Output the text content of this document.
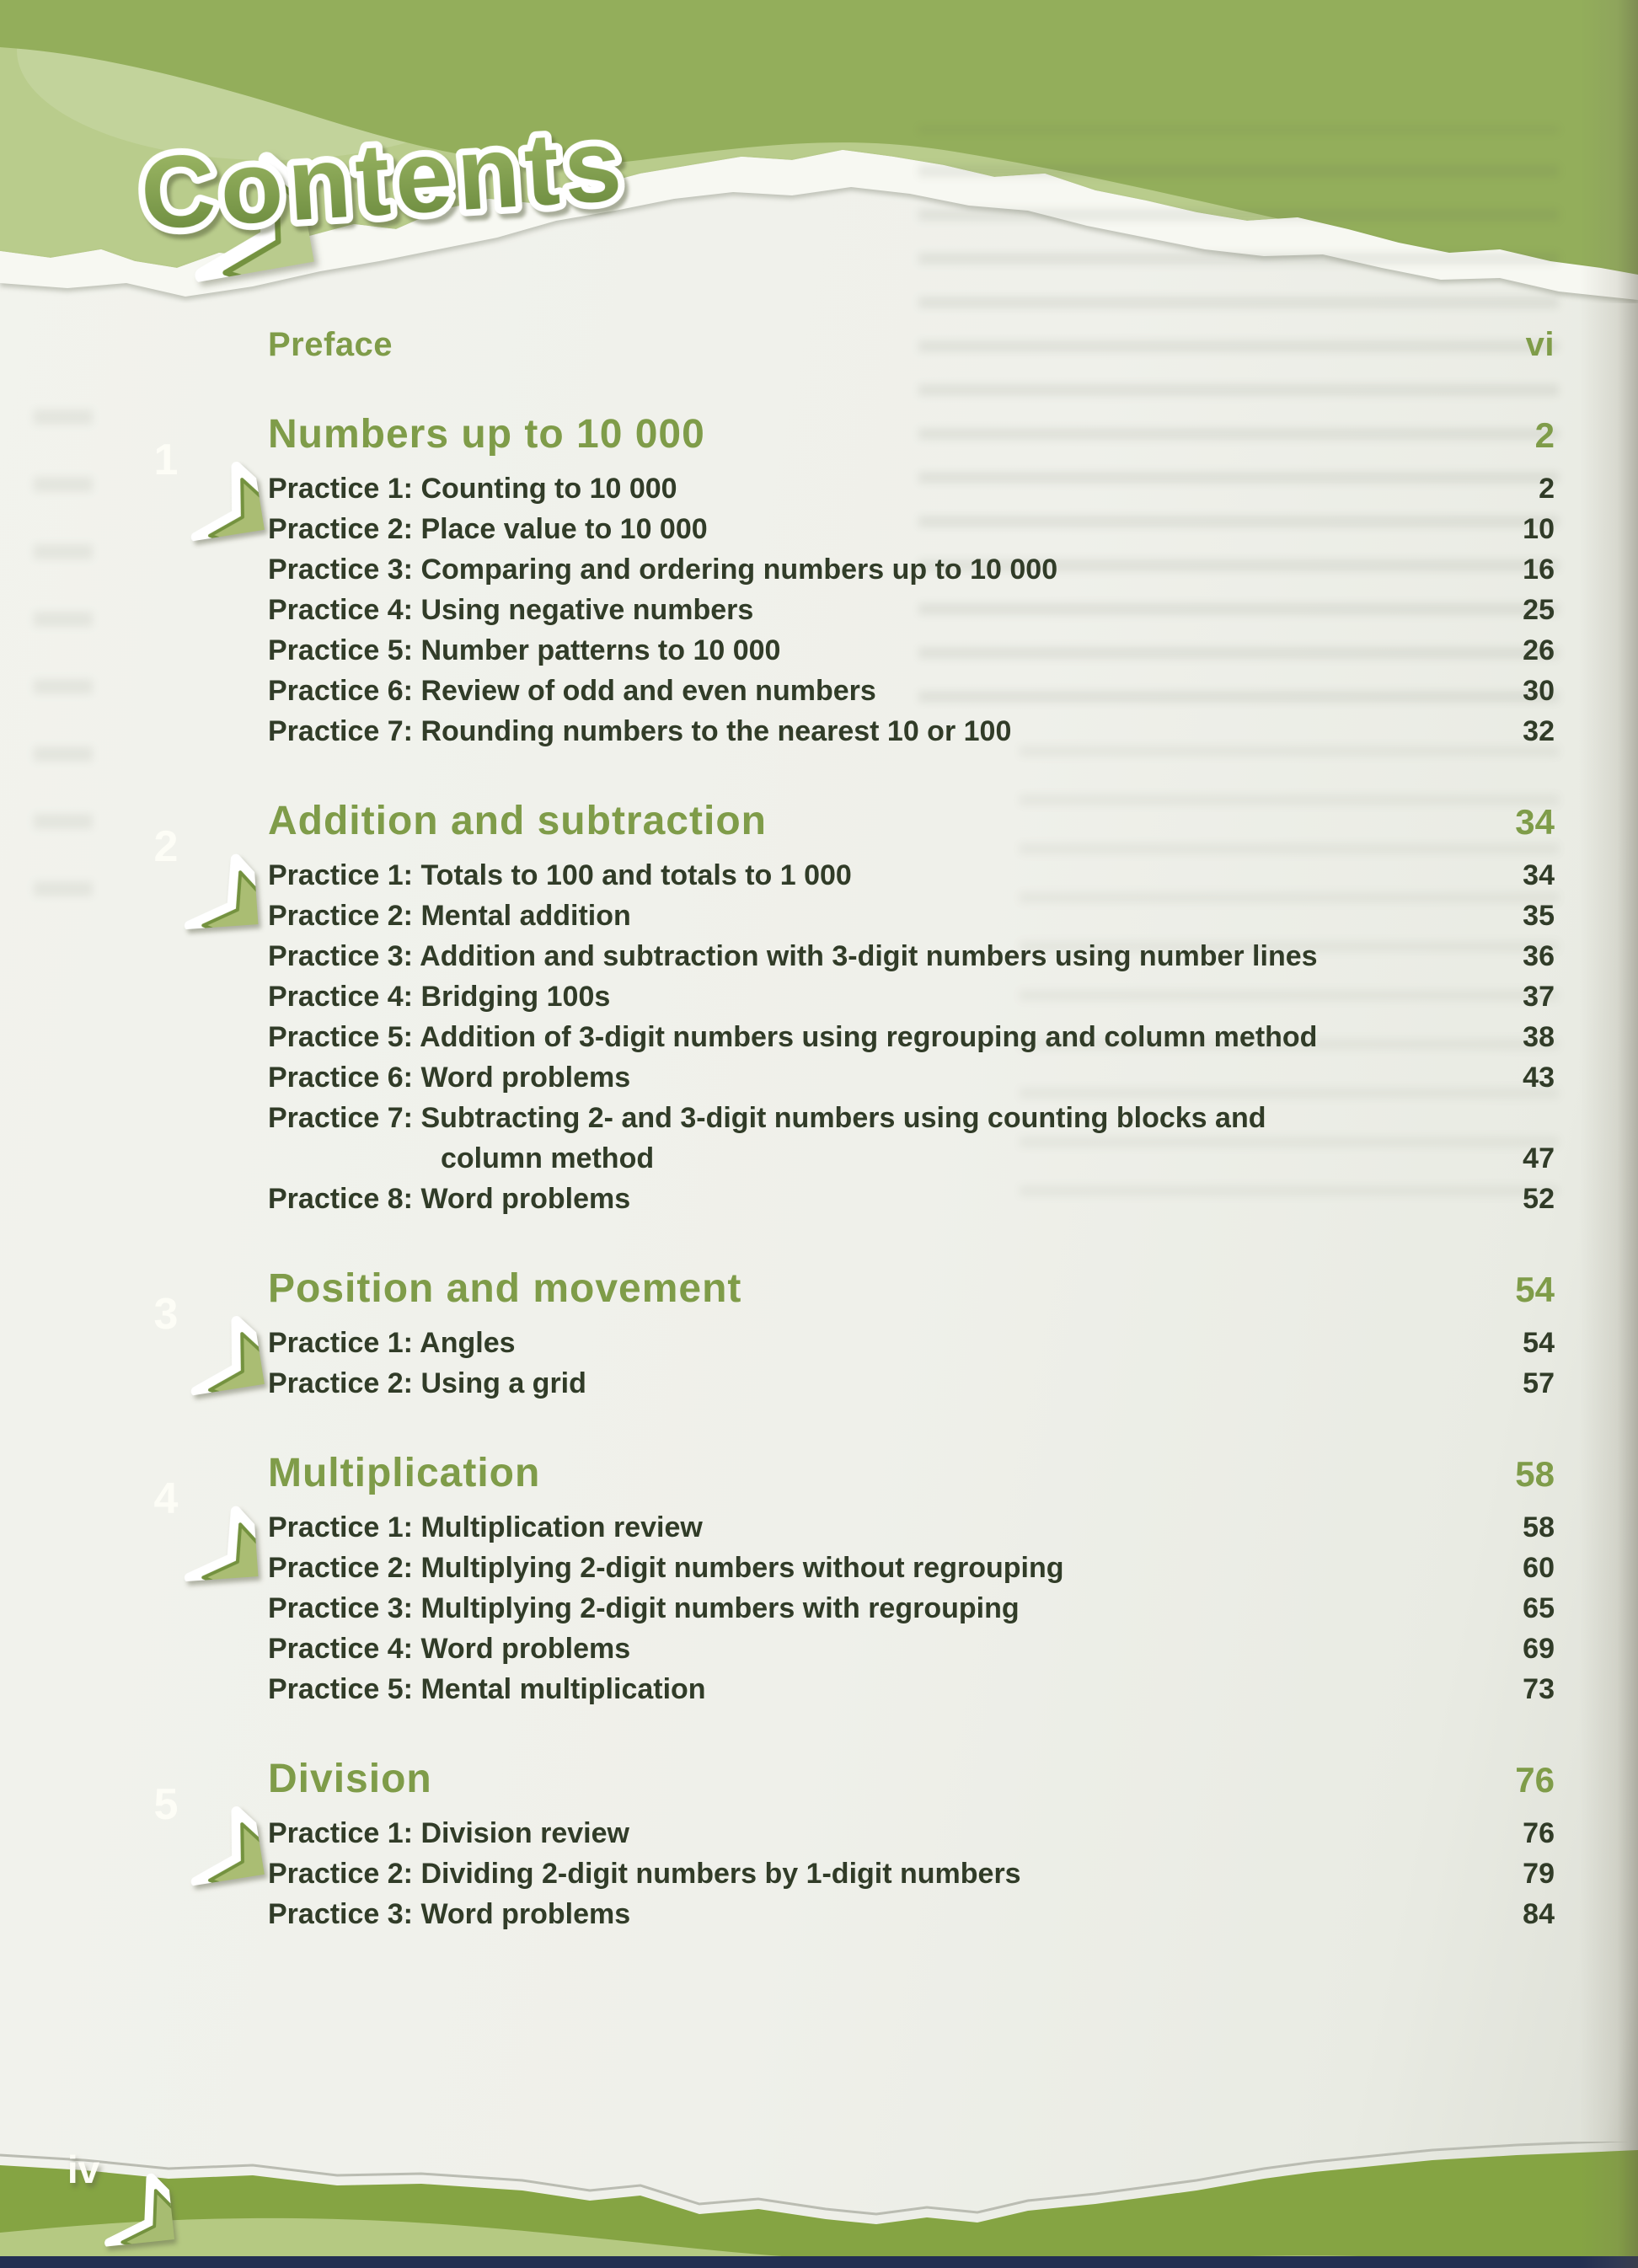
Contents
Preface	vi
1
Numbers up to 10 000	2
Practice 1: Counting to 10 000	2
Practice 2: Place value to 10 000	10
Practice 3: Comparing and ordering numbers up to 10 000	16
Practice 4: Using negative numbers	25
Practice 5: Number patterns to 10 000	26
Practice 6: Review of odd and even numbers	30
Practice 7: Rounding numbers to the nearest 10 or 100	32
2
Addition and subtraction	34
Practice 1: Totals to 100 and totals to 1 000	34
Practice 2: Mental addition	35
Practice 3: Addition and subtraction with 3-digit numbers using number lines	36
Practice 4: Bridging 100s	37
Practice 5: Addition of 3-digit numbers using regrouping and column method	38
Practice 6: Word problems	43
Practice 7: Subtracting 2- and 3-digit numbers using counting blocks and
column method	47
Practice 8: Word problems	52
3
Position and movement	54
Practice 1: Angles	54
Practice 2: Using a grid	57
4
Multiplication	58
Practice 1: Multiplication review	58
Practice 2: Multiplying 2-digit numbers without regrouping	60
Practice 3: Multiplying 2-digit numbers with regrouping	65
Practice 4: Word problems	69
Practice 5: Mental multiplication	73
5
Division	76
Practice 1: Division review	76
Practice 2: Dividing 2-digit numbers by 1-digit numbers	79
Practice 3: Word problems	84
iv
